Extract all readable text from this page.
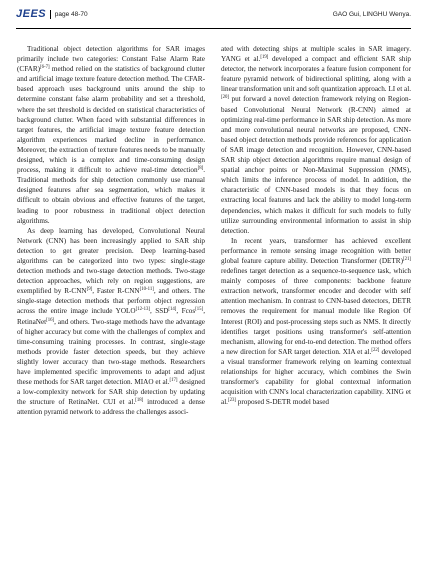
JEES page 48-70	GAO Gui, LINGHU Wenya.

Traditional object detection algorithms for SAR images primarily include two categories: Constant False Alarm Rate (CFAR)[6-7] method relied on the statistics of background clutter and artificial image texture feature detection method. The CFAR-based approach uses background units around the ship to determine constant false alarm probability and set a threshold, where the set threshold is decided on statistical characteristics of background clutter. When faced with substantial differences in target features, the artificial image texture feature detection algorithm experiences marked decline in performance. Moreover, the extraction of texture features needs to be manually designed, which is a complex and time-consuming design process, making it difficult to achieve real-time detection[8]. Traditional methods for ship detection commonly use manual designed features after sea segmentation, which makes it difficult to obtain obvious and effective features of the target, leading to poor robustness in traditional object detection algorithms.

As deep learning has developed, Convolutional Neural Network (CNN) has been increasingly applied to SAR ship detection to get greater precision. Deep learning-based algorithms can be categorized into two types: single-stage detection methods and two-stage detection methods. Two-stage detection approaches, which rely on region suggestions, are exemplified by R-CNN[9], Faster R-CNN[10-11], and others. The single-stage detection methods that perform object regression across the entire image include YOLO[12-13], SSD[14], Fcos[15], RetinaNet[16], and others. Two-stage methods have the advantage of higher accuracy but come with the challenges of complex and time-consuming training processes. In contrast, single-stage methods provide faster detection speeds, but they achieve slightly lower accuracy than two-stage methods. Researchers have implemented specific improvements to adapt and adjust these methods for SAR target detection. MIAO et al.[17] designed a low-complexity network for SAR ship detection by updating the structure of RetinaNet. CUI et al.[18] introduced a dense attention pyramid network to address the challenges associ-

ated with detecting ships at multiple scales in SAR imagery. YANG et al.[19] developed a compact and efficient SAR ship detector, the network incorporates a feature fusion component for feature pyramid network of bidirectional splitting, along with a linear transformation unit and soft quantization approach. LI et al.[20] put forward a novel detection framework relying on Region-based Convolutional Neural Network (R-CNN) aimed at optimizing real-time performance in SAR ship detection. As more and more convolutional neural networks are proposed, CNN-based object detection methods provide references for application of SAR image detection and recognition. However, CNN-based SAR ship object detection algorithms require manual design of spatial anchor points or Non-Maximal Suppression (NMS), which limits the inference process of model. In addition, the characteristic of CNN-based models is that they focus on extracting local features and lack the ability to model long-term dependencies, which makes it difficult for such models to fully utilize surrounding environmental information to assist in ship detection.

In recent years, transformer has achieved excellent performance in remote sensing image recognition with better global feature capture ability. Detection Transformer (DETR)[21] redefines target detection as a sequence-to-sequence task, which mainly composes of three components: backbone feature extraction network, transformer encoder and decoder with self attention mechanism. In contrast to CNN-based detectors, DETR removes the requirement for manual module like Region Of Interest (ROI) and post-processing steps such as NMS. It directly identifies target positions using transformer's self-attention mechanism, allowing for end-to-end detection. The method offers a new direction for SAR target detection. XIA et al.[22] developed a visual transformer framework relying on learning contextual relationships for higher accuracy, which combines the Swin transformer's capability for global contextual information acquisition with CNN's local characterization capability. XING et al.[23] proposed S-DETR model based
